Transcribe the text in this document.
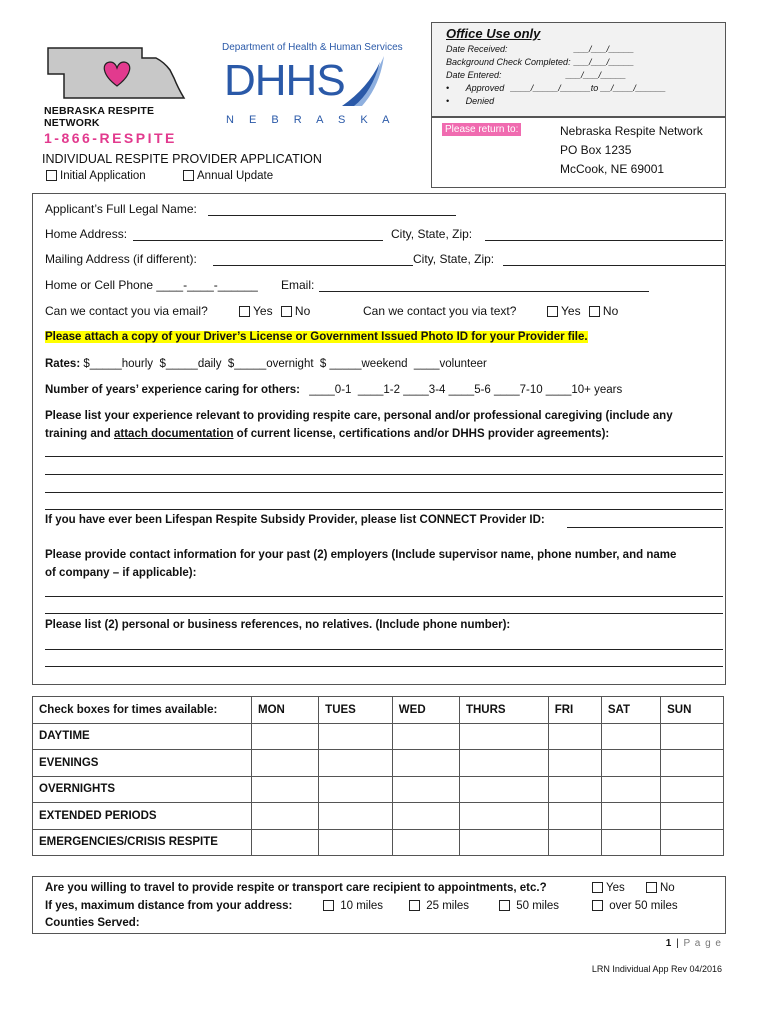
NEBRASKA RESPITE NETWORK
1-866-RESPITE
Department of Health & Human Services
DHHS
N E B R A S K A
Office Use only
Date Received:	___/___/_____
Background Check Completed: ___/___/_____
Date Entered:	___/___/_____
• Approved ____/_____/______to __/____/______
• Denied
Please return to:	Nebraska Respite Network
PO Box 1235
McCook, NE 69001
INDIVIDUAL RESPITE PROVIDER APPLICATION
Initial Application	Annual Update
Applicant’s Full Legal Name:
Home Address:	City, State, Zip:
Mailing Address (if different):	City, State, Zip:
Home or Cell Phone ____-____-______ Email:
Can we contact you via email?	Yes No	Can we contact you via text?	Yes No
Please attach a copy of your Driver’s License or Government Issued Photo ID for your Provider file.
Rates: $_____hourly  $_____daily  $_____overnight  $ _____weekend  ____volunteer
Number of years’ experience caring for others: ____0-1  ____1-2 ____3-4 ____5-6 ____7-10 ____10+ years
Please list your experience relevant to providing respite care, personal and/or professional caregiving (include any
training and attach documentation of current license, certifications and/or DHHS provider agreements):
If you have ever been Lifespan Respite Subsidy Provider, please list CONNECT Provider ID:
Please provide contact information for your past (2) employers (Include supervisor name, phone number, and name
of company – if applicable):
Please list (2) personal or business references, no relatives. (Include phone number):
Check boxes for times available:	MON	TUES	WED	THURS	FRI	SAT	SUN
DAYTIME							
EVENINGS							
OVERNIGHTS							
EXTENDED PERIODS							
EMERGENCIES/CRISIS RESPITE							
Are you willing to travel to provide respite or transport care recipient to appointments, etc.?	Yes	No
If yes, maximum distance from your address:	10 miles	25 miles	50 miles	over 50 miles
Counties Served:
1 | P a g e
LRN Individual App Rev 04/2016
